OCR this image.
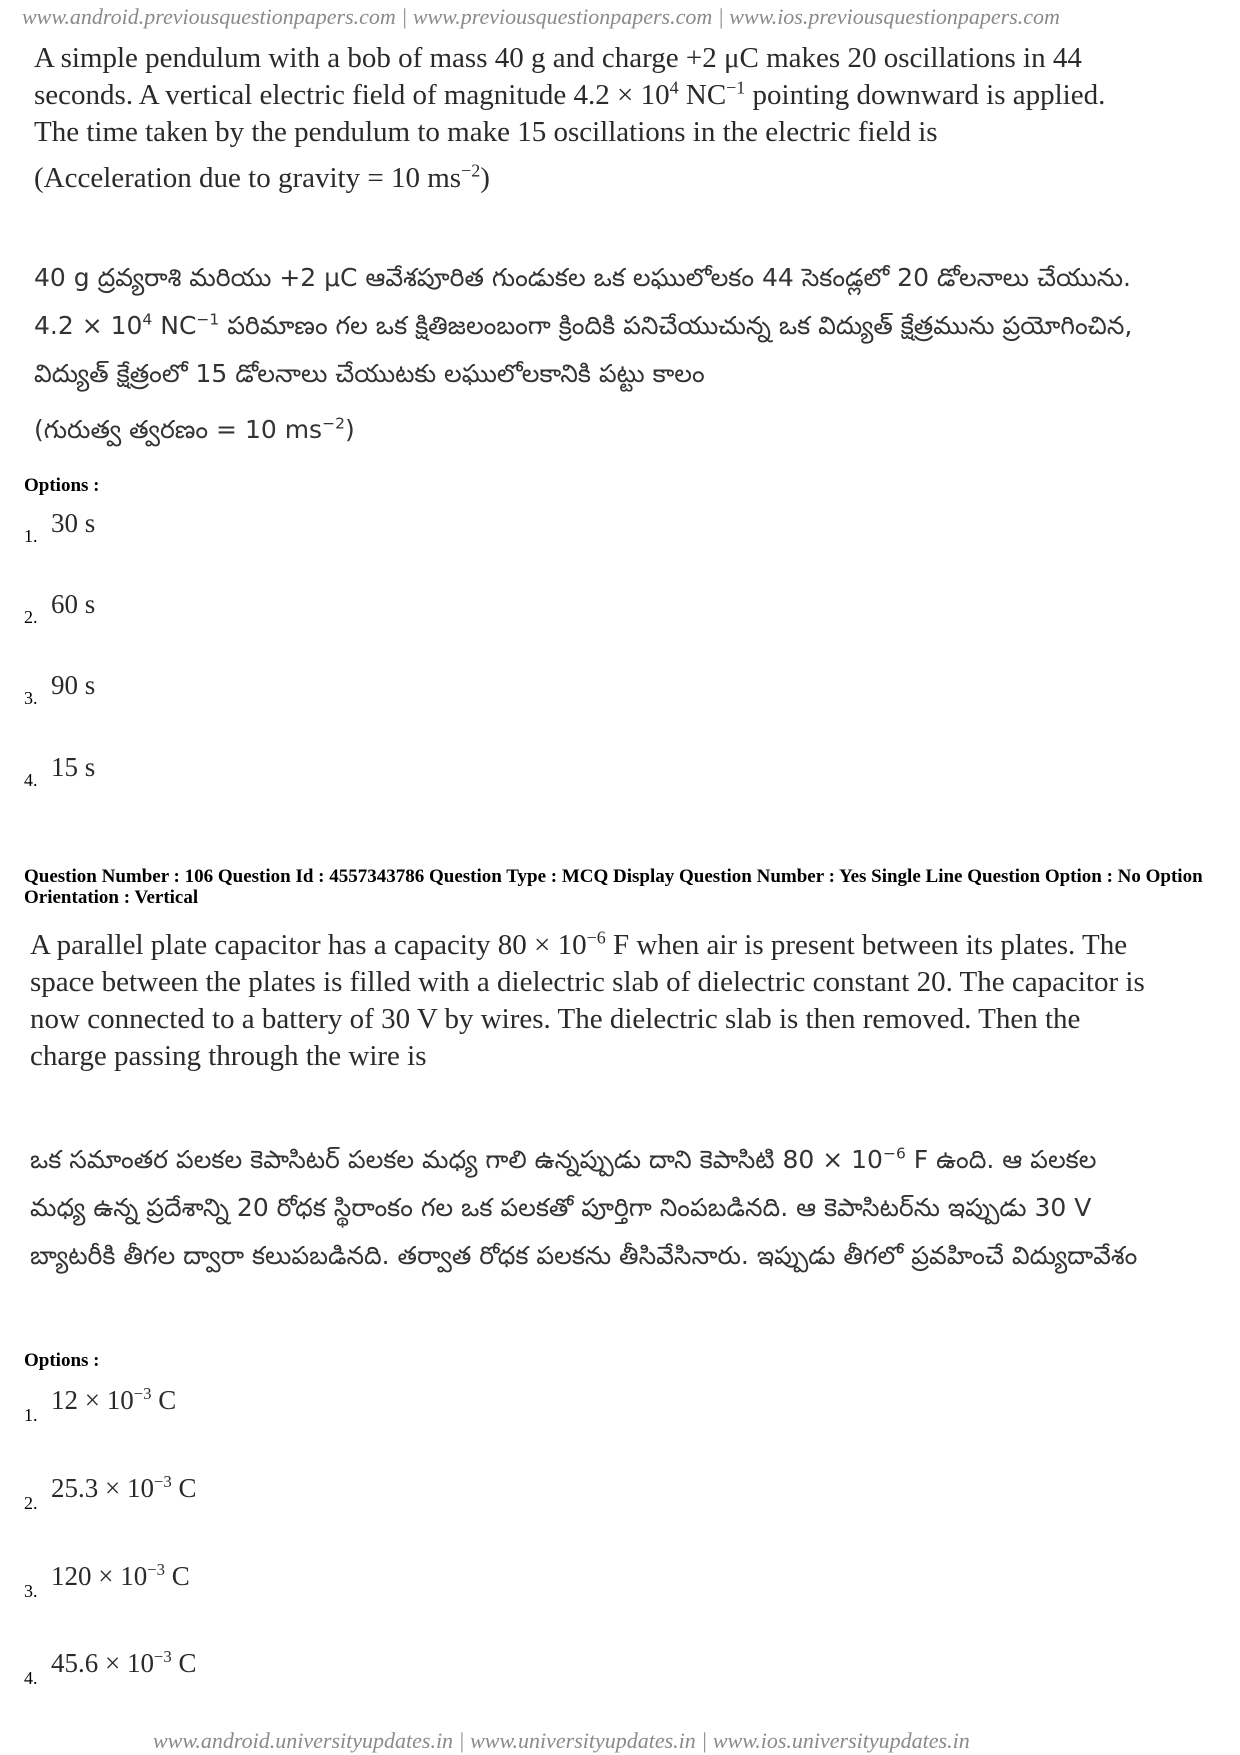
www.android.previousquestionpapers.com | www.previousquestionpapers.com | www.ios.previousquestionpapers.com
A simple pendulum with a bob of mass 40 g and charge +2 μC makes 20 oscillations in 44 seconds. A vertical electric field of magnitude $4.2 \times 10^4$ $NC^{-1}$ pointing downward is applied. The time taken by the pendulum to make 15 oscillations in the electric field is
(Acceleration due to gravity = 10 $ms^{-2}$)
40 g ద్రవ్యరాశి మరియు +2 μC ఆవేశపూరిత గుండుకల ఒక లఘులోలకం 44 సెకండ్లలో 20 డోలనాలు చేయును. $4.2 \times 10^4$ $NC^{-1}$ పరిమాణం గల ఒక క్షితిజలంబంగా క్రిందికి పనిచేయుచున్న ఒక విద్యుత్ క్షేత్రమును ప్రయోగించిన, విద్యుత్ క్షేత్రంలో 15 డోలనాలు చేయుటకు లఘులోలకానికి పట్టు కాలం
(గురుత్వ త్వరణం = 10 $ms^{-2}$)
Options :
1. 30 s
2. 60 s
3. 90 s
4. 15 s
Question Number : 106 Question Id : 4557343786 Question Type : MCQ Display Question Number : Yes Single Line Question Option : No Option Orientation : Vertical
A parallel plate capacitor has a capacity $80 \times 10^{-6}$ F when air is present between its plates. The space between the plates is filled with a dielectric slab of dielectric constant 20. The capacitor is now connected to a battery of 30 V by wires. The dielectric slab is then removed. Then the charge passing through the wire is
ఒక సమాంతర పలకల కెపాసిటర్ పలకల మధ్య గాలి ఉన్నప్పుడు దాని కెపాసిటి $80 \times 10^{-6}$ F ఉంది. ఆ పలకల మధ్య ఉన్న ప్రదేశాన్ని 20 రోధక స్థిరాంకం గల ఒక పలకతో పూర్తిగా నింపబడినది. ఆ కెపాసిటర్‌ను ఇప్పుడు 30 V బ్యాటరీకి తీగల ద్వారా కలుపబడినది. తర్వాత రోధక పలకను తీసివేసినారు. ఇప్పుడు తీగలో ప్రవహించే విద్యుదావేశం
Options :
1. $12 \times 10^{-3}$ C
2. $25.3 \times 10^{-3}$ C
3. $120 \times 10^{-3}$ C
4. $45.6 \times 10^{-3}$ C
www.android.universityupdates.in | www.universityupdates.in | www.ios.universityupdates.in
